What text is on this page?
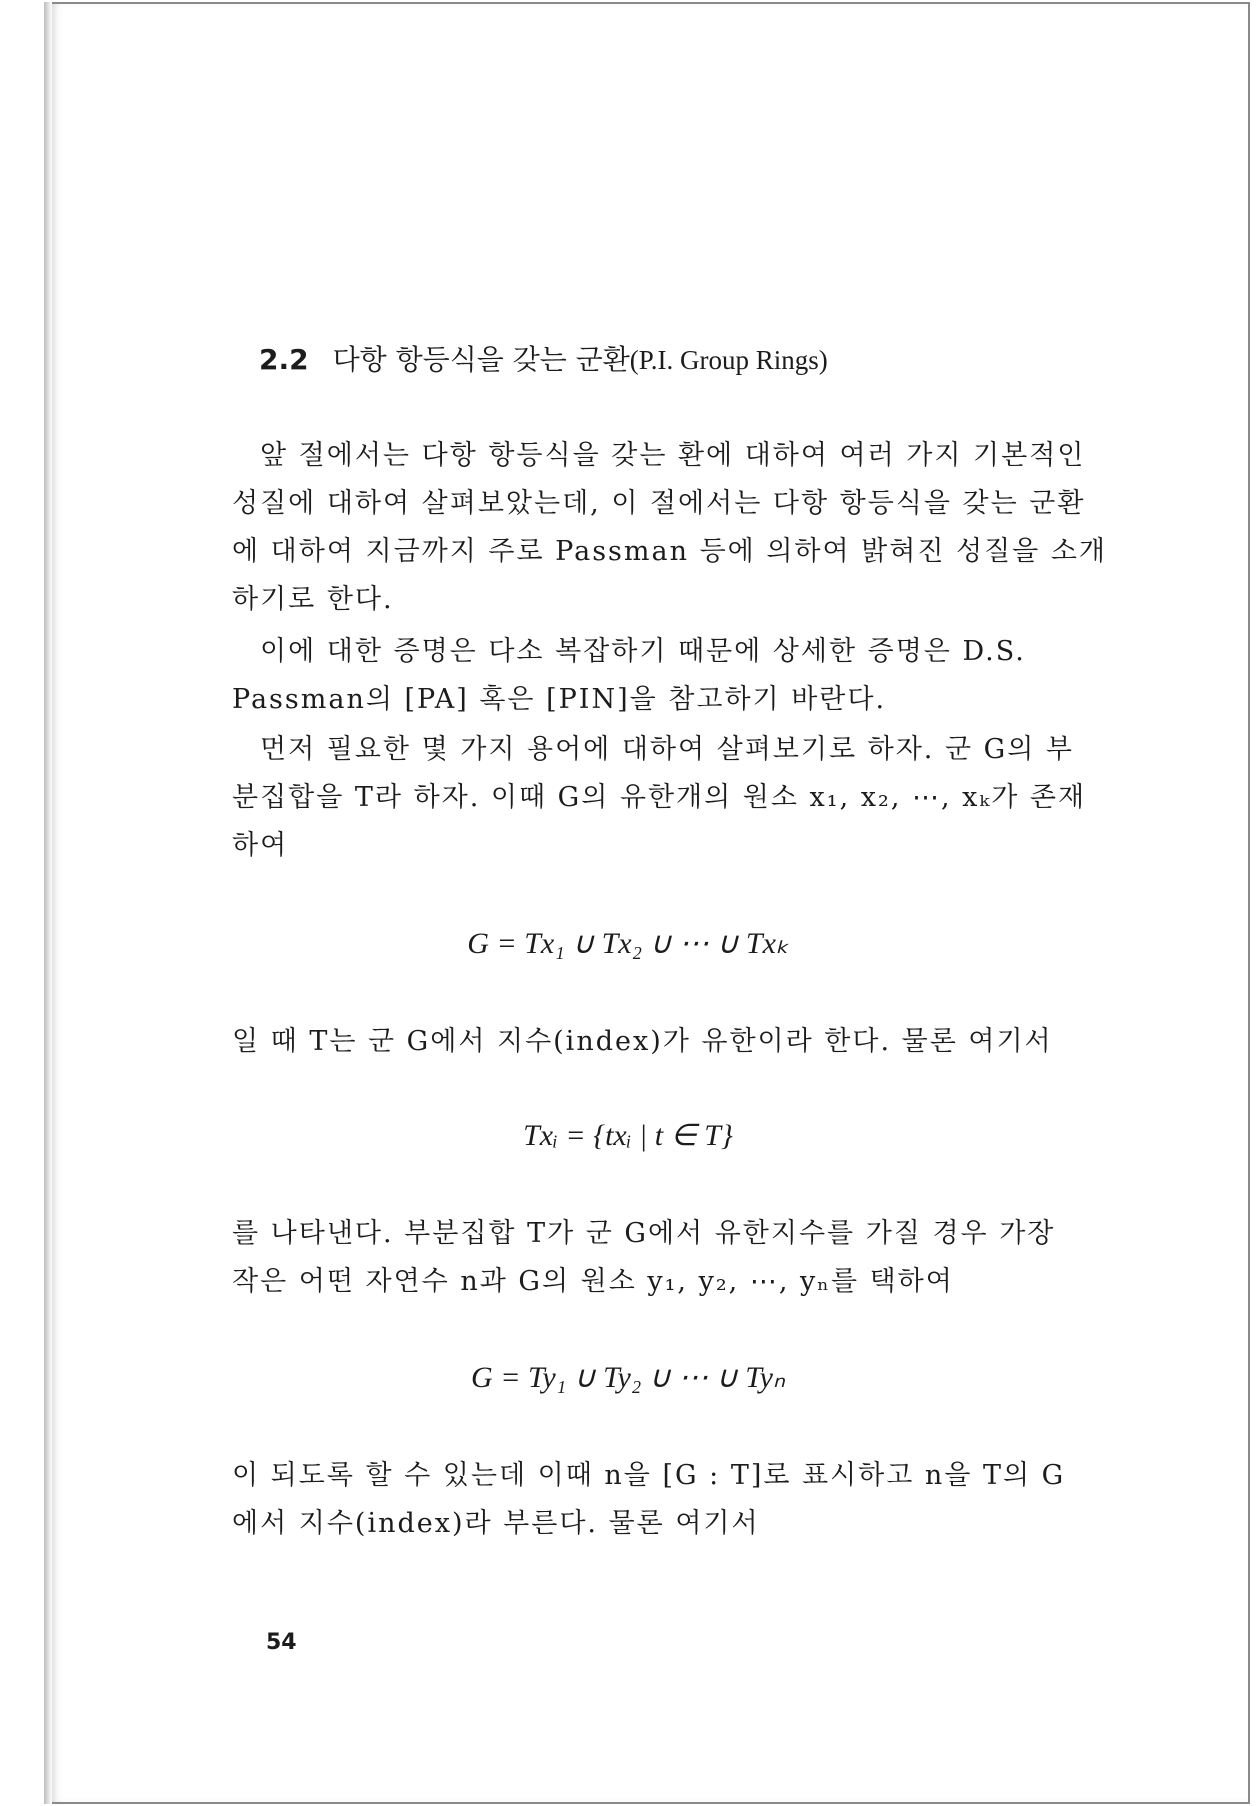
2.2 다항 항등식을 갖는 군환(P.I. Group Rings)
앞 절에서는 다항 항등식을 갖는 환에 대하여 여러 가지 기본적인
성질에 대하여 살펴보았는데, 이 절에서는 다항 항등식을 갖는 군환
에 대하여 지금까지 주로 Passman 등에 의하여 밝혀진 성질을 소개
하기로 한다.
이에 대한 증명은 다소 복잡하기 때문에 상세한 증명은 D.S.
Passman의 [PA] 혹은 [PIN]을 참고하기 바란다.
먼저 필요한 몇 가지 용어에 대하여 살펴보기로 하자. 군 G의 부
분집합을 T라 하자. 이때 G의 유한개의 원소 x₁, x₂, ⋯, xₖ가 존재
하여
G = Tx₁ ∪ Tx₂ ∪ ⋯ ∪ Txₖ
일 때 T는 군 G에서 지수(index)가 유한이라 한다. 물론 여기서
Txᵢ = {txᵢ | t ∈ T}
를 나타낸다. 부분집합 T가 군 G에서 유한지수를 가질 경우 가장
작은 어떤 자연수 n과 G의 원소 y₁, y₂, ⋯, yₙ를 택하여
G = Ty₁ ∪ Ty₂ ∪ ⋯ ∪ Tyₙ
이 되도록 할 수 있는데 이때 n을 [G : T]로 표시하고 n을 T의 G
에서 지수(index)라 부른다. 물론 여기서
54
